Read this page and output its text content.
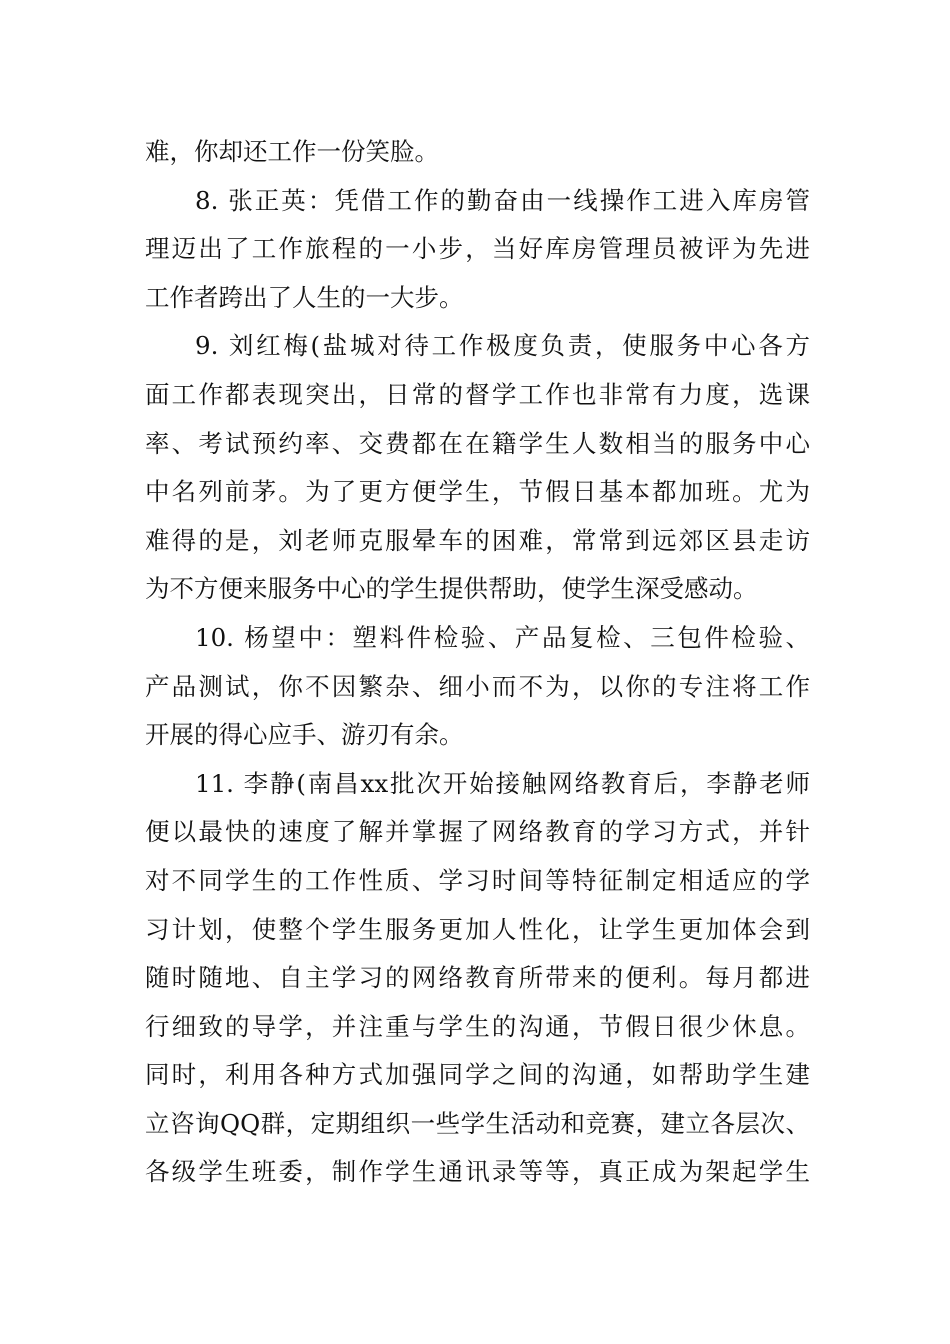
难，你却还工作一份笑脸。
8. 张正英：凭借工作的勤奋由一线操作工进入库房管
理迈出了工作旅程的一小步，当好库房管理员被评为先进
工作者跨出了人生的一大步。
9. 刘红梅(盐城对待工作极度负责，使服务中心各方
面工作都表现突出，日常的督学工作也非常有力度，选课
率、考试预约率、交费都在在籍学生人数相当的服务中心
中名列前茅。为了更方便学生，节假日基本都加班。尤为
难得的是，刘老师克服晕车的困难，常常到远郊区县走访
为不方便来服务中心的学生提供帮助，使学生深受感动。
10. 杨望中：塑料件检验、产品复检、三包件检验、
产品测试，你不因繁杂、细小而不为，以你的专注将工作
开展的得心应手、游刃有余。
11. 李静(南昌xx批次开始接触网络教育后，李静老师
便以最快的速度了解并掌握了网络教育的学习方式，并针
对不同学生的工作性质、学习时间等特征制定相适应的学
习计划，使整个学生服务更加人性化，让学生更加体会到
随时随地、自主学习的网络教育所带来的便利。每月都进
行细致的导学，并注重与学生的沟通，节假日很少休息。
同时，利用各种方式加强同学之间的沟通，如帮助学生建
立咨询QQ群，定期组织一些学生活动和竞赛，建立各层次、
各级学生班委，制作学生通讯录等等，真正成为架起学生
